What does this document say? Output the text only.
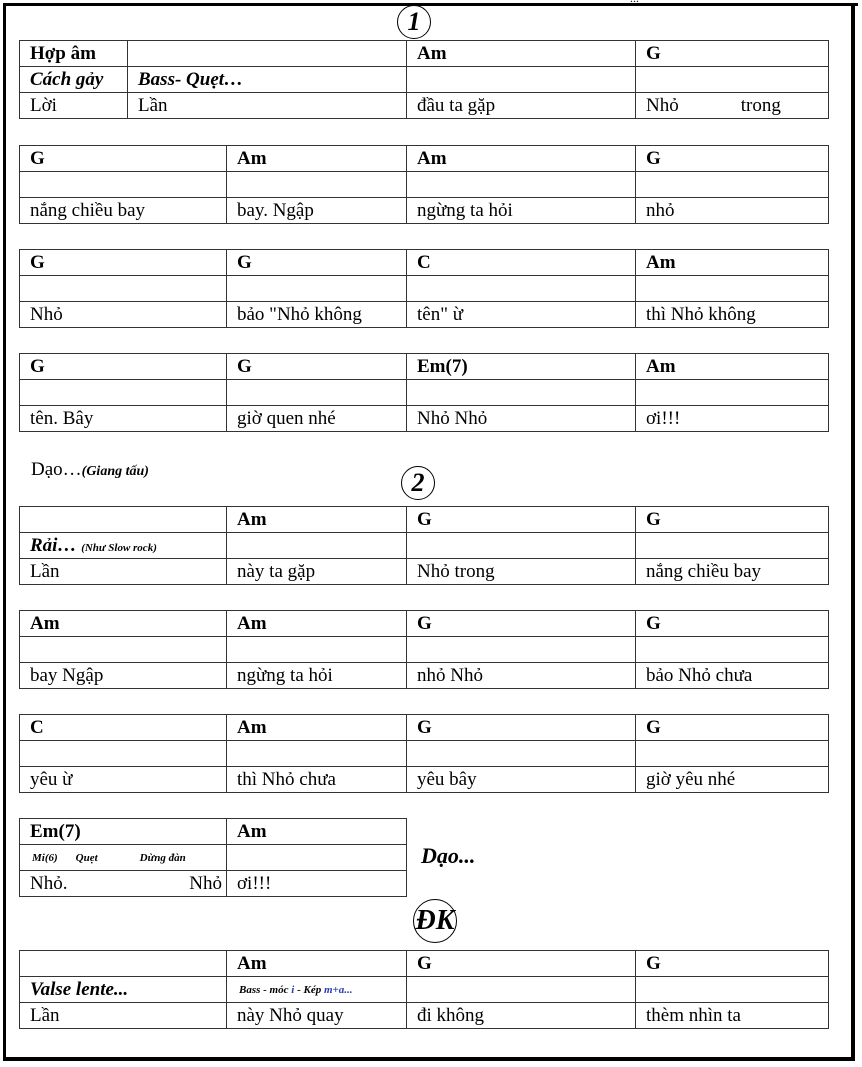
1
Hợp âm		Am	G
Cách gảy	Bass- Quẹt…		
Lời	Lần	đầu ta gặp	Nhỏ trong
G	Am	Am	G

nắng chiều bay	bay. Ngập	ngừng ta hỏi	nhỏ
G	G	C	Am

Nhỏ	bảo "Nhỏ không	tên" ừ	thì Nhỏ không
G	G	Em(7)	Am

tên. Bây	giờ quen nhé	Nhỏ Nhỏ	ơi!!!
Dạo…(Giang tấu)	2
	Am	G	G
Rải… (Như Slow rock)			
Lần	này ta gặp	Nhỏ trong	nắng chiều bay
Am	Am	G	G

bay Ngập	ngừng ta hỏi	nhỏ Nhỏ	bảo Nhỏ chưa
C	Am	G	G

yêu ừ	thì Nhỏ chưa	yêu bây	giờ yêu nhé
Em(7)	Am
Mi(6) Quẹt Dừng đàn	
Nhỏ. Nhỏ	ơi!!!
Dạo...
ĐK
	Am	G	G
Valse lente...	Bass - móc i - Kép m+a...		
Lần	này Nhỏ quay	đi không	thèm nhìn ta
